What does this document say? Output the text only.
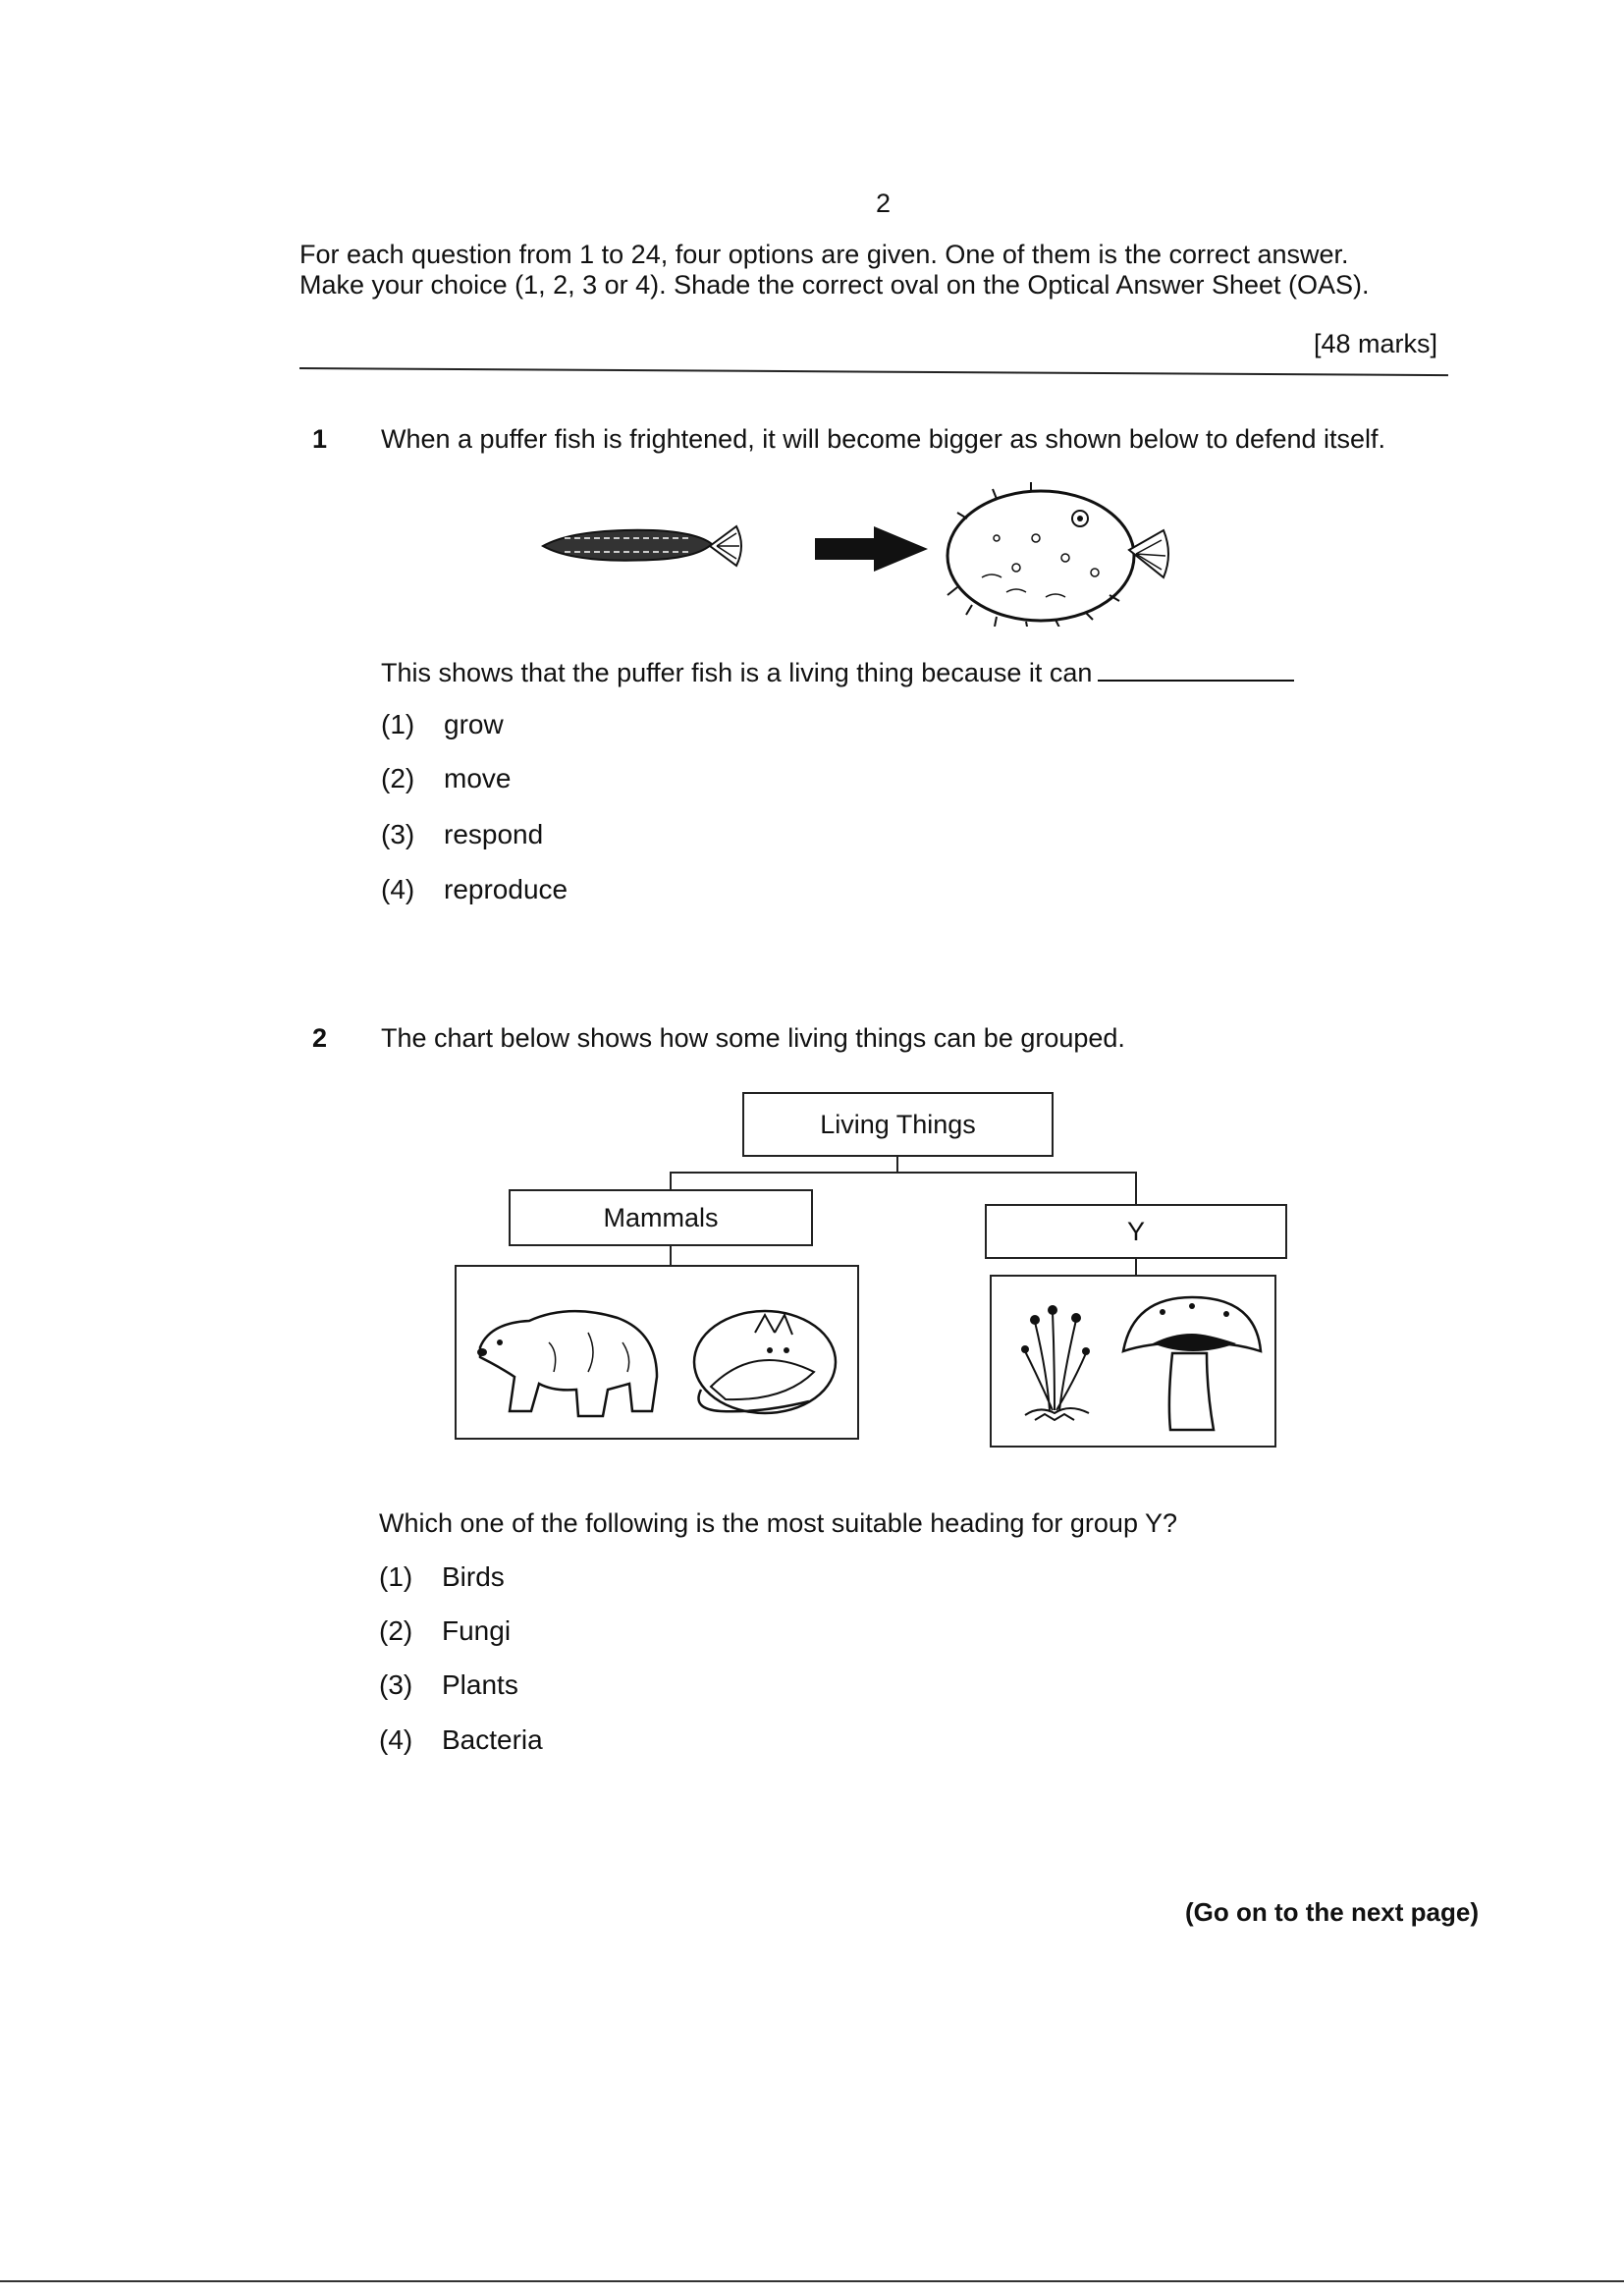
2

For each question from 1 to 24, four options are given. One of them is the correct answer.

Make your choice (1, 2, 3 or 4). Shade the correct oval on the Optical Answer Sheet (OAS).

[48 marks]
1 When a puffer fish is frightened, it will become bigger as shown below to defend itself.
This shows that the puffer fish is a living thing because it can
(1) grow
(2) move
(3) respond
(4) reproduce
2 The chart below shows how some living things can be grouped.
Living Things
Mammals	Y
Which one of the following is the most suitable heading for group Y?
(1) Birds
(2) Fungi
(3) Plants
(4) Bacteria
(Go on to the next page)
